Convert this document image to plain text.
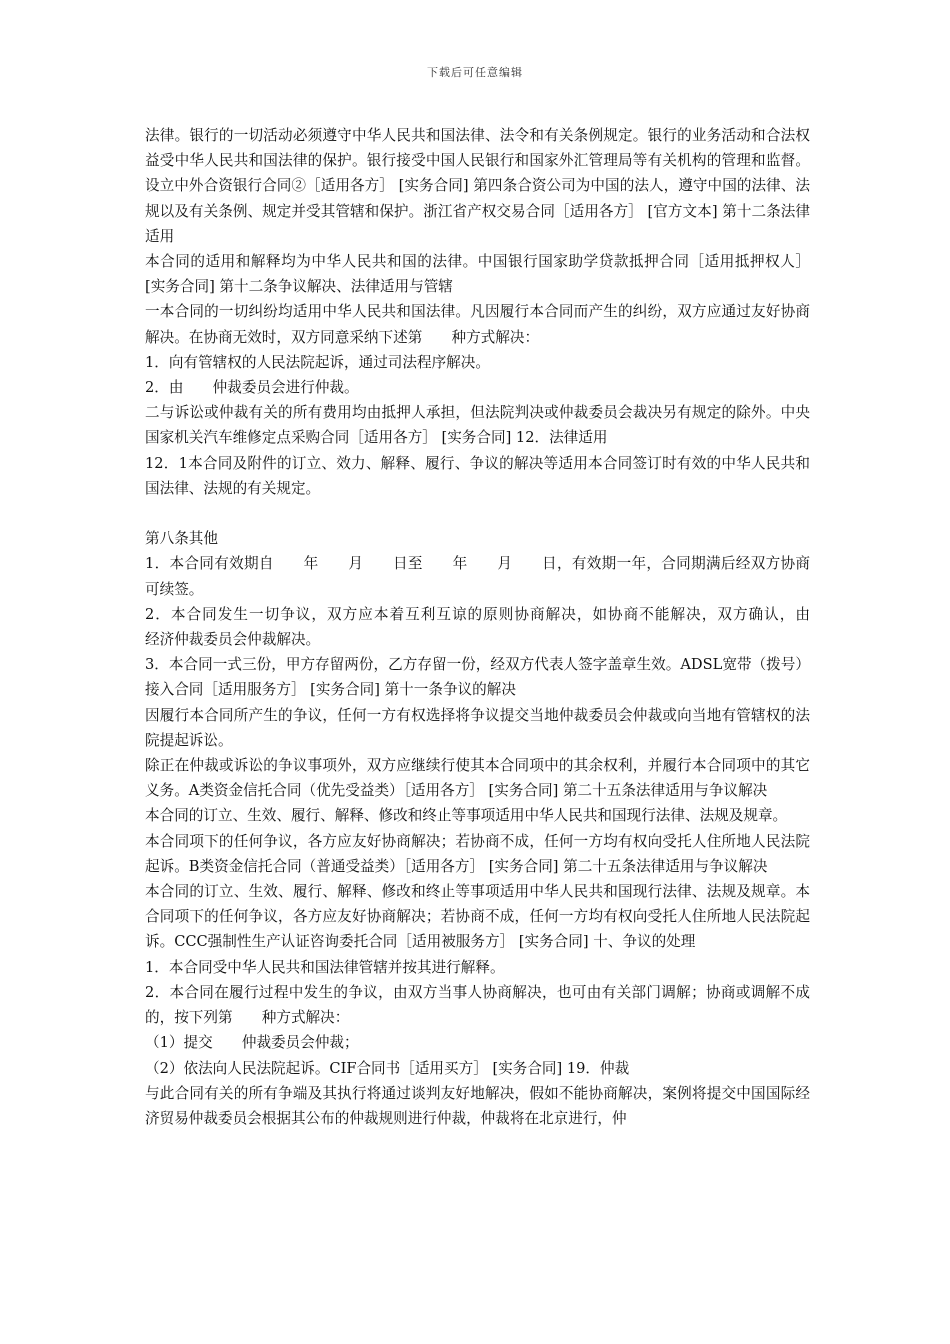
下载后可任意编辑

法律。银行的一切活动必须遵守中华人民共和国法律、法令和有关条例规定。银行的业务活动和合法权益受中华人民共和国法律的保护。银行接受中国人民银行和国家外汇管理局等有关机构的管理和监督。设立中外合资银行合同②［适用各方］ [实务合同] 第四条合资公司为中国的法人，遵守中国的法律、法规以及有关条例、规定并受其管辖和保护。浙江省产权交易合同［适用各方］ [官方文本] 第十二条法律适用

本合同的适用和解释均为中华人民共和国的法律。中国银行国家助学贷款抵押合同［适用抵押权人］ [实务合同] 第十二条争议解决、法律适用与管辖

一本合同的一切纠纷均适用中华人民共和国法律。凡因履行本合同而产生的纠纷，双方应通过友好协商解决。在协商无效时，双方同意采纳下述第　　种方式解决：

1．向有管辖权的人民法院起诉，通过司法程序解决。

2．由　　仲裁委员会进行仲裁。

二与诉讼或仲裁有关的所有费用均由抵押人承担，但法院判决或仲裁委员会裁决另有规定的除外。中央国家机关汽车维修定点采购合同［适用各方］ [实务合同] 12．法律适用

12．1本合同及附件的订立、效力、解释、履行、争议的解决等适用本合同签订时有效的中华人民共和国法律、法规的有关规定。

第八条其他

1．本合同有效期自　　年　　月　　日至　　年　　月　　日，有效期一年，合同期满后经双方协商可续签。

2．本合同发生一切争议，双方应本着互利互谅的原则协商解决，如协商不能解决，双方确认，由　　经济仲裁委员会仲裁解决。

3．本合同一式三份，甲方存留两份，乙方存留一份，经双方代表人签字盖章生效。ADSL宽带（拨号）接入合同［适用服务方］ [实务合同] 第十一条争议的解决

因履行本合同所产生的争议，任何一方有权选择将争议提交当地仲裁委员会仲裁或向当地有管辖权的法院提起诉讼。

除正在仲裁或诉讼的争议事项外，双方应继续行使其本合同项中的其余权利，并履行本合同项中的其它义务。A类资金信托合同（优先受益类）［适用各方］ [实务合同] 第二十五条法律适用与争议解决

本合同的订立、生效、履行、解释、修改和终止等事项适用中华人民共和国现行法律、法规及规章。

本合同项下的任何争议，各方应友好协商解决；若协商不成，任何一方均有权向受托人住所地人民法院起诉。B类资金信托合同（普通受益类）［适用各方］ [实务合同] 第二十五条法律适用与争议解决

本合同的订立、生效、履行、解释、修改和终止等事项适用中华人民共和国现行法律、法规及规章。本合同项下的任何争议，各方应友好协商解决；若协商不成，任何一方均有权向受托人住所地人民法院起诉。CCC强制性生产认证咨询委托合同［适用被服务方］ [实务合同] 十、争议的处理

1．本合同受中华人民共和国法律管辖并按其进行解释。

2．本合同在履行过程中发生的争议，由双方当事人协商解决，也可由有关部门调解；协商或调解不成的，按下列第　　种方式解决：

（1）提交　　仲裁委员会仲裁；

（2）依法向人民法院起诉。CIF合同书［适用买方］ [实务合同] 19．仲裁

与此合同有关的所有争端及其执行将通过谈判友好地解决，假如不能协商解决，案例将提交中国国际经济贸易仲裁委员会根据其公布的仲裁规则进行仲裁，仲裁将在北京进行，仲
